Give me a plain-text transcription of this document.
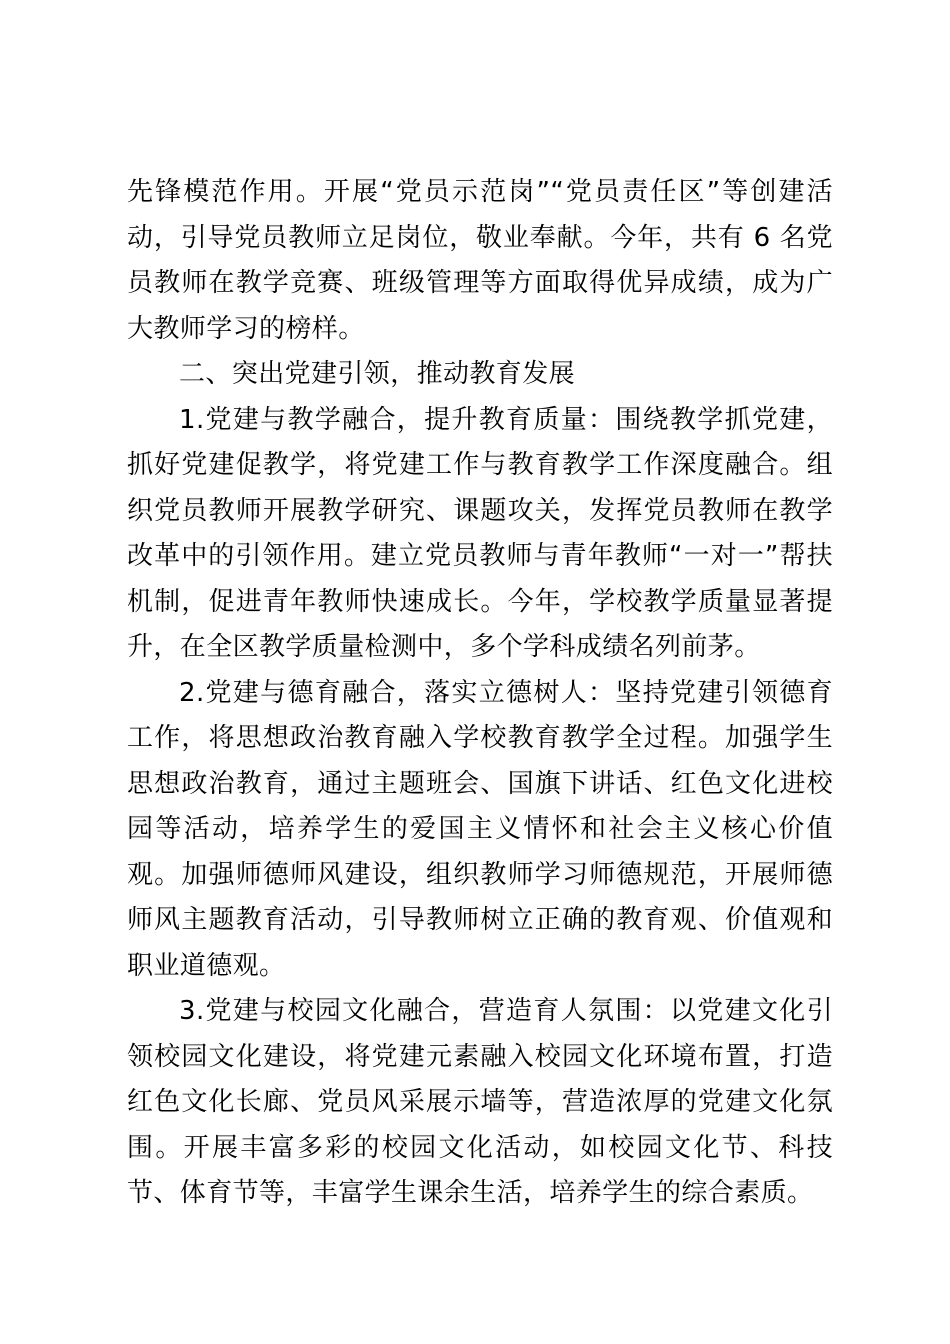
先锋模范作用。开展“党员示范岗”“党员责任区”等创建活动，引导党员教师立足岗位，敬业奉献。今年，共有 6 名党员教师在教学竞赛、班级管理等方面取得优异成绩，成为广大教师学习的榜样。

二、突出党建引领，推动教育发展

1.党建与教学融合，提升教育质量：围绕教学抓党建，抓好党建促教学，将党建工作与教育教学工作深度融合。组织党员教师开展教学研究、课题攻关，发挥党员教师在教学改革中的引领作用。建立党员教师与青年教师“一对一”帮扶机制，促进青年教师快速成长。今年，学校教学质量显著提升，在全区教学质量检测中，多个学科成绩名列前茅。

2.党建与德育融合，落实立德树人：坚持党建引领德育工作，将思想政治教育融入学校教育教学全过程。加强学生思想政治教育，通过主题班会、国旗下讲话、红色文化进校园等活动，培养学生的爱国主义情怀和社会主义核心价值观。加强师德师风建设，组织教师学习师德规范，开展师德师风主题教育活动，引导教师树立正确的教育观、价值观和职业道德观。

3.党建与校园文化融合，营造育人氛围：以党建文化引领校园文化建设，将党建元素融入校园文化环境布置，打造红色文化长廊、党员风采展示墙等，营造浓厚的党建文化氛围。开展丰富多彩的校园文化活动，如校园文化节、科技节、体育节等，丰富学生课余生活，培养学生的综合素质。
